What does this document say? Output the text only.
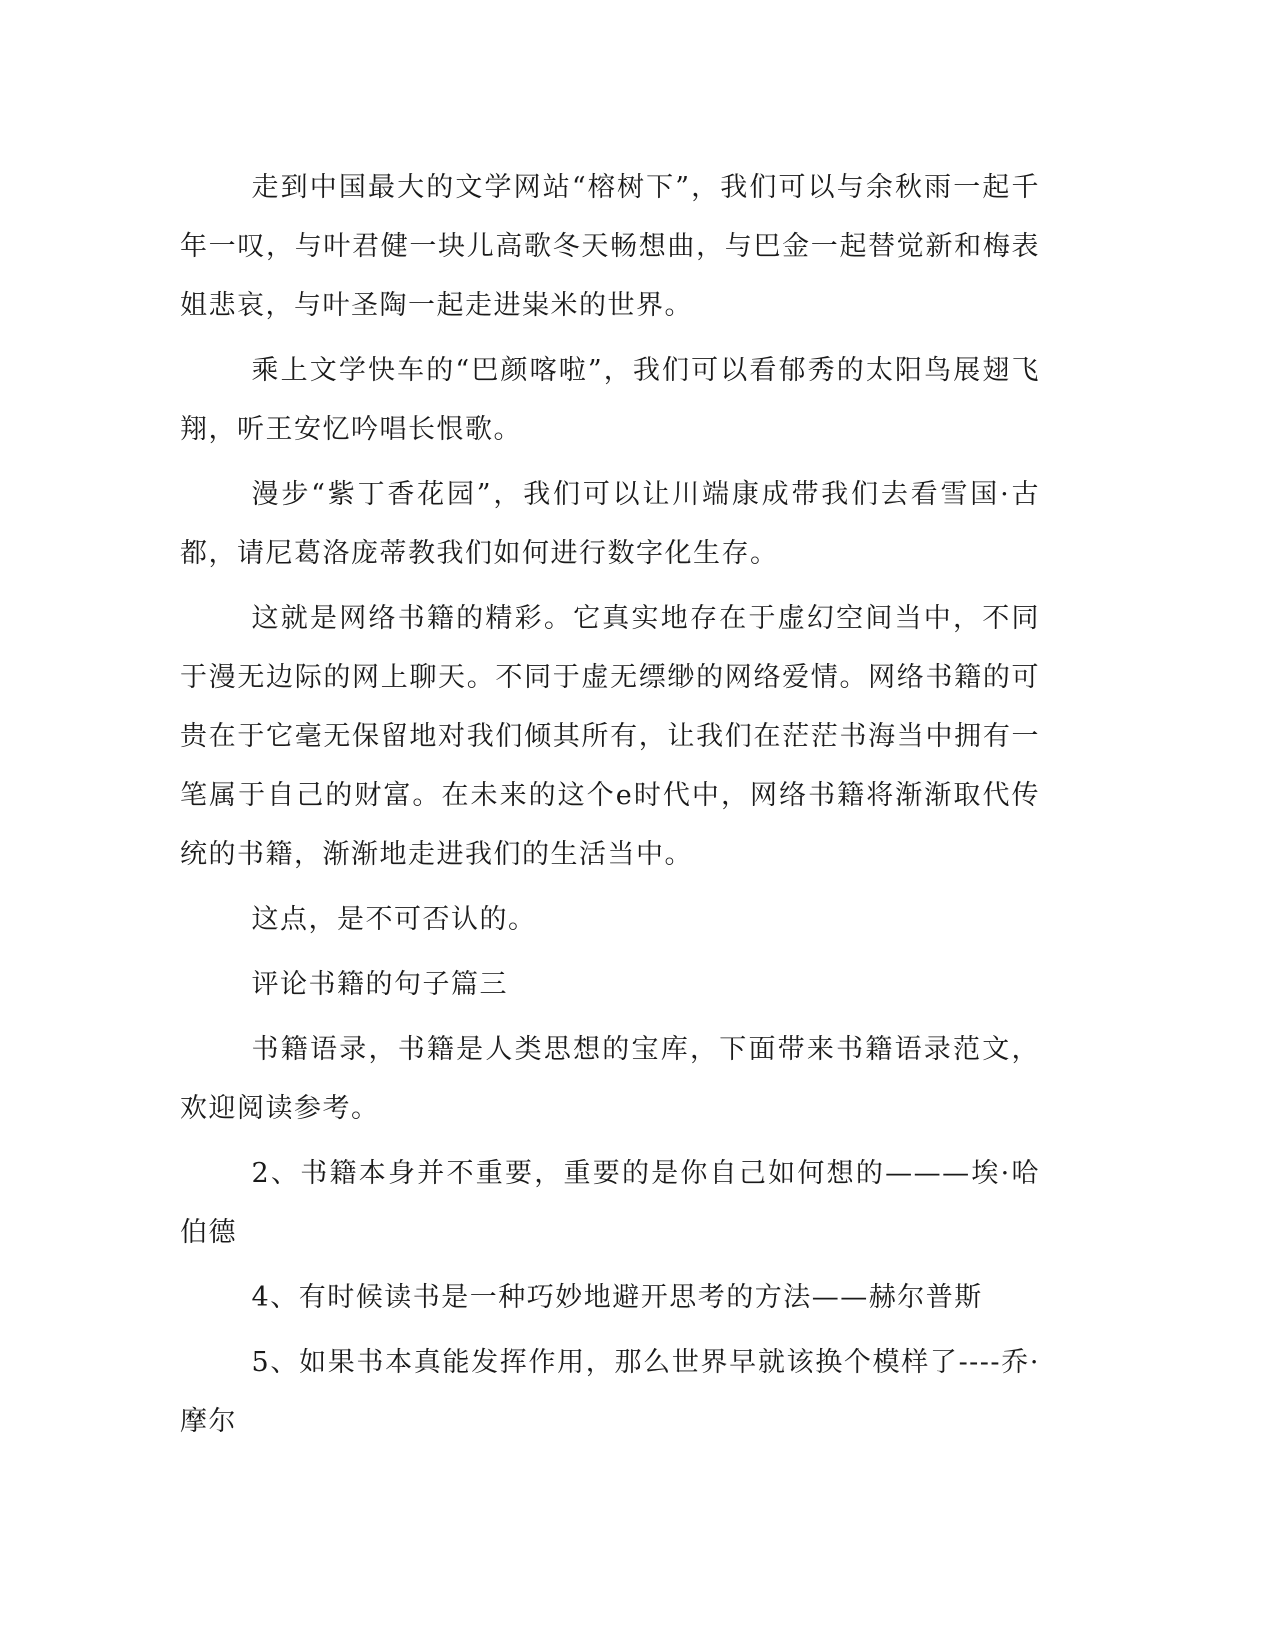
走到中国最大的文学网站“榕树下”，我们可以与余秋雨一起千年一叹，与叶君健一块儿高歌冬天畅想曲，与巴金一起替觉新和梅表姐悲哀，与叶圣陶一起走进粜米的世界。

乘上文学快车的“巴颜喀啦”，我们可以看郁秀的太阳鸟展翅飞翔，听王安忆吟唱长恨歌。

漫步“紫丁香花园”，我们可以让川端康成带我们去看雪国·古都，请尼葛洛庞蒂教我们如何进行数字化生存。

这就是网络书籍的精彩。它真实地存在于虚幻空间当中，不同于漫无边际的网上聊天。不同于虚无缥缈的网络爱情。网络书籍的可贵在于它毫无保留地对我们倾其所有，让我们在茫茫书海当中拥有一笔属于自己的财富。在未来的这个e时代中，网络书籍将渐渐取代传统的书籍，渐渐地走进我们的生活当中。

这点，是不可否认的。

评论书籍的句子篇三

书籍语录，书籍是人类思想的宝库，下面带来书籍语录范文，欢迎阅读参考。

2、书籍本身并不重要，重要的是你自己如何想的———埃·哈伯德

4、有时候读书是一种巧妙地避开思考的方法——赫尔普斯

5、如果书本真能发挥作用，那么世界早就该换个模样了----乔·摩尔
